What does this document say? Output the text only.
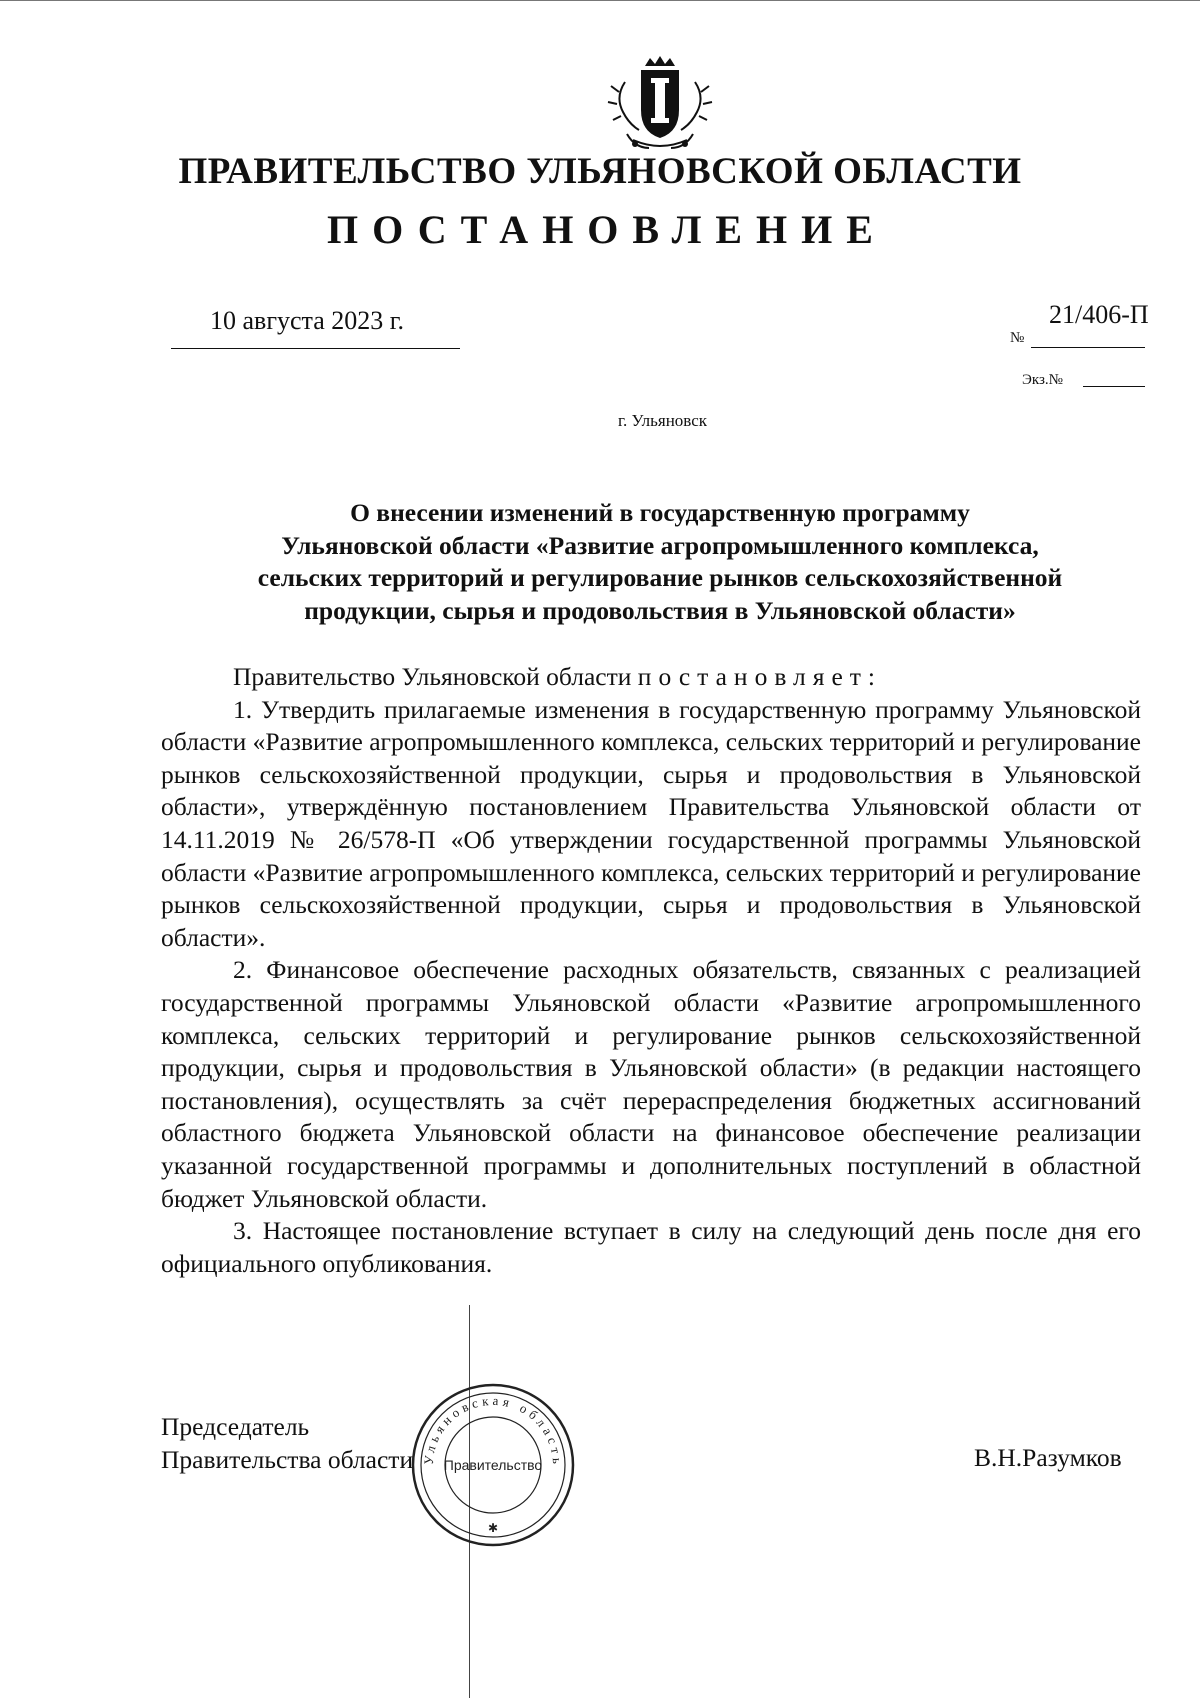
ПРАВИТЕЛЬСТВО УЛЬЯНОВСКОЙ ОБЛАСТИ
ПОСТАНОВЛЕНИЕ
10 августа 2023 г.
№
21/406-П
Экз.№
г. Ульяновск
О внесении изменений в государственную программу
Ульяновской области «Развитие агропромышленного комплекса,
сельских территорий и регулирование рынков сельскохозяйственной
продукции, сырья и продовольствия в Ульяновской области»

Правительство Ульяновской области постановляет:

1. Утвердить прилагаемые изменения в государственную программу Ульяновской области «Развитие агропромышленного комплекса, сельских территорий и регулирование рынков сельскохозяйственной продукции, сырья и продовольствия в Ульяновской области», утверждённую постановлением Правительства Ульяновской области от 14.11.2019 № 26/578-П «Об утверждении государственной программы Ульяновской области «Развитие агропромышленного комплекса, сельских территорий и регулирование рынков сельскохозяйственной продукции, сырья и продовольствия в Ульяновской области».

2. Финансовое обеспечение расходных обязательств, связанных с реализацией государственной программы Ульяновской области «Развитие агропромышленного комплекса, сельских территорий и регулирование рынков сельскохозяйственной продукции, сырья и продовольствия в Ульяновской области» (в редакции настоящего постановления), осуществлять за счёт перераспределения бюджетных ассигнований областного бюджета Ульяновской области на финансовое обеспечение реализации указанной государственной программы и дополнительных поступлений в областной бюджет Ульяновской области.

3. Настоящее постановление вступает в силу на следующий день после дня его официального опубликования.

Председатель
Правительства области Ульяновская область
Правительство
✱
В.Н.Разумков
